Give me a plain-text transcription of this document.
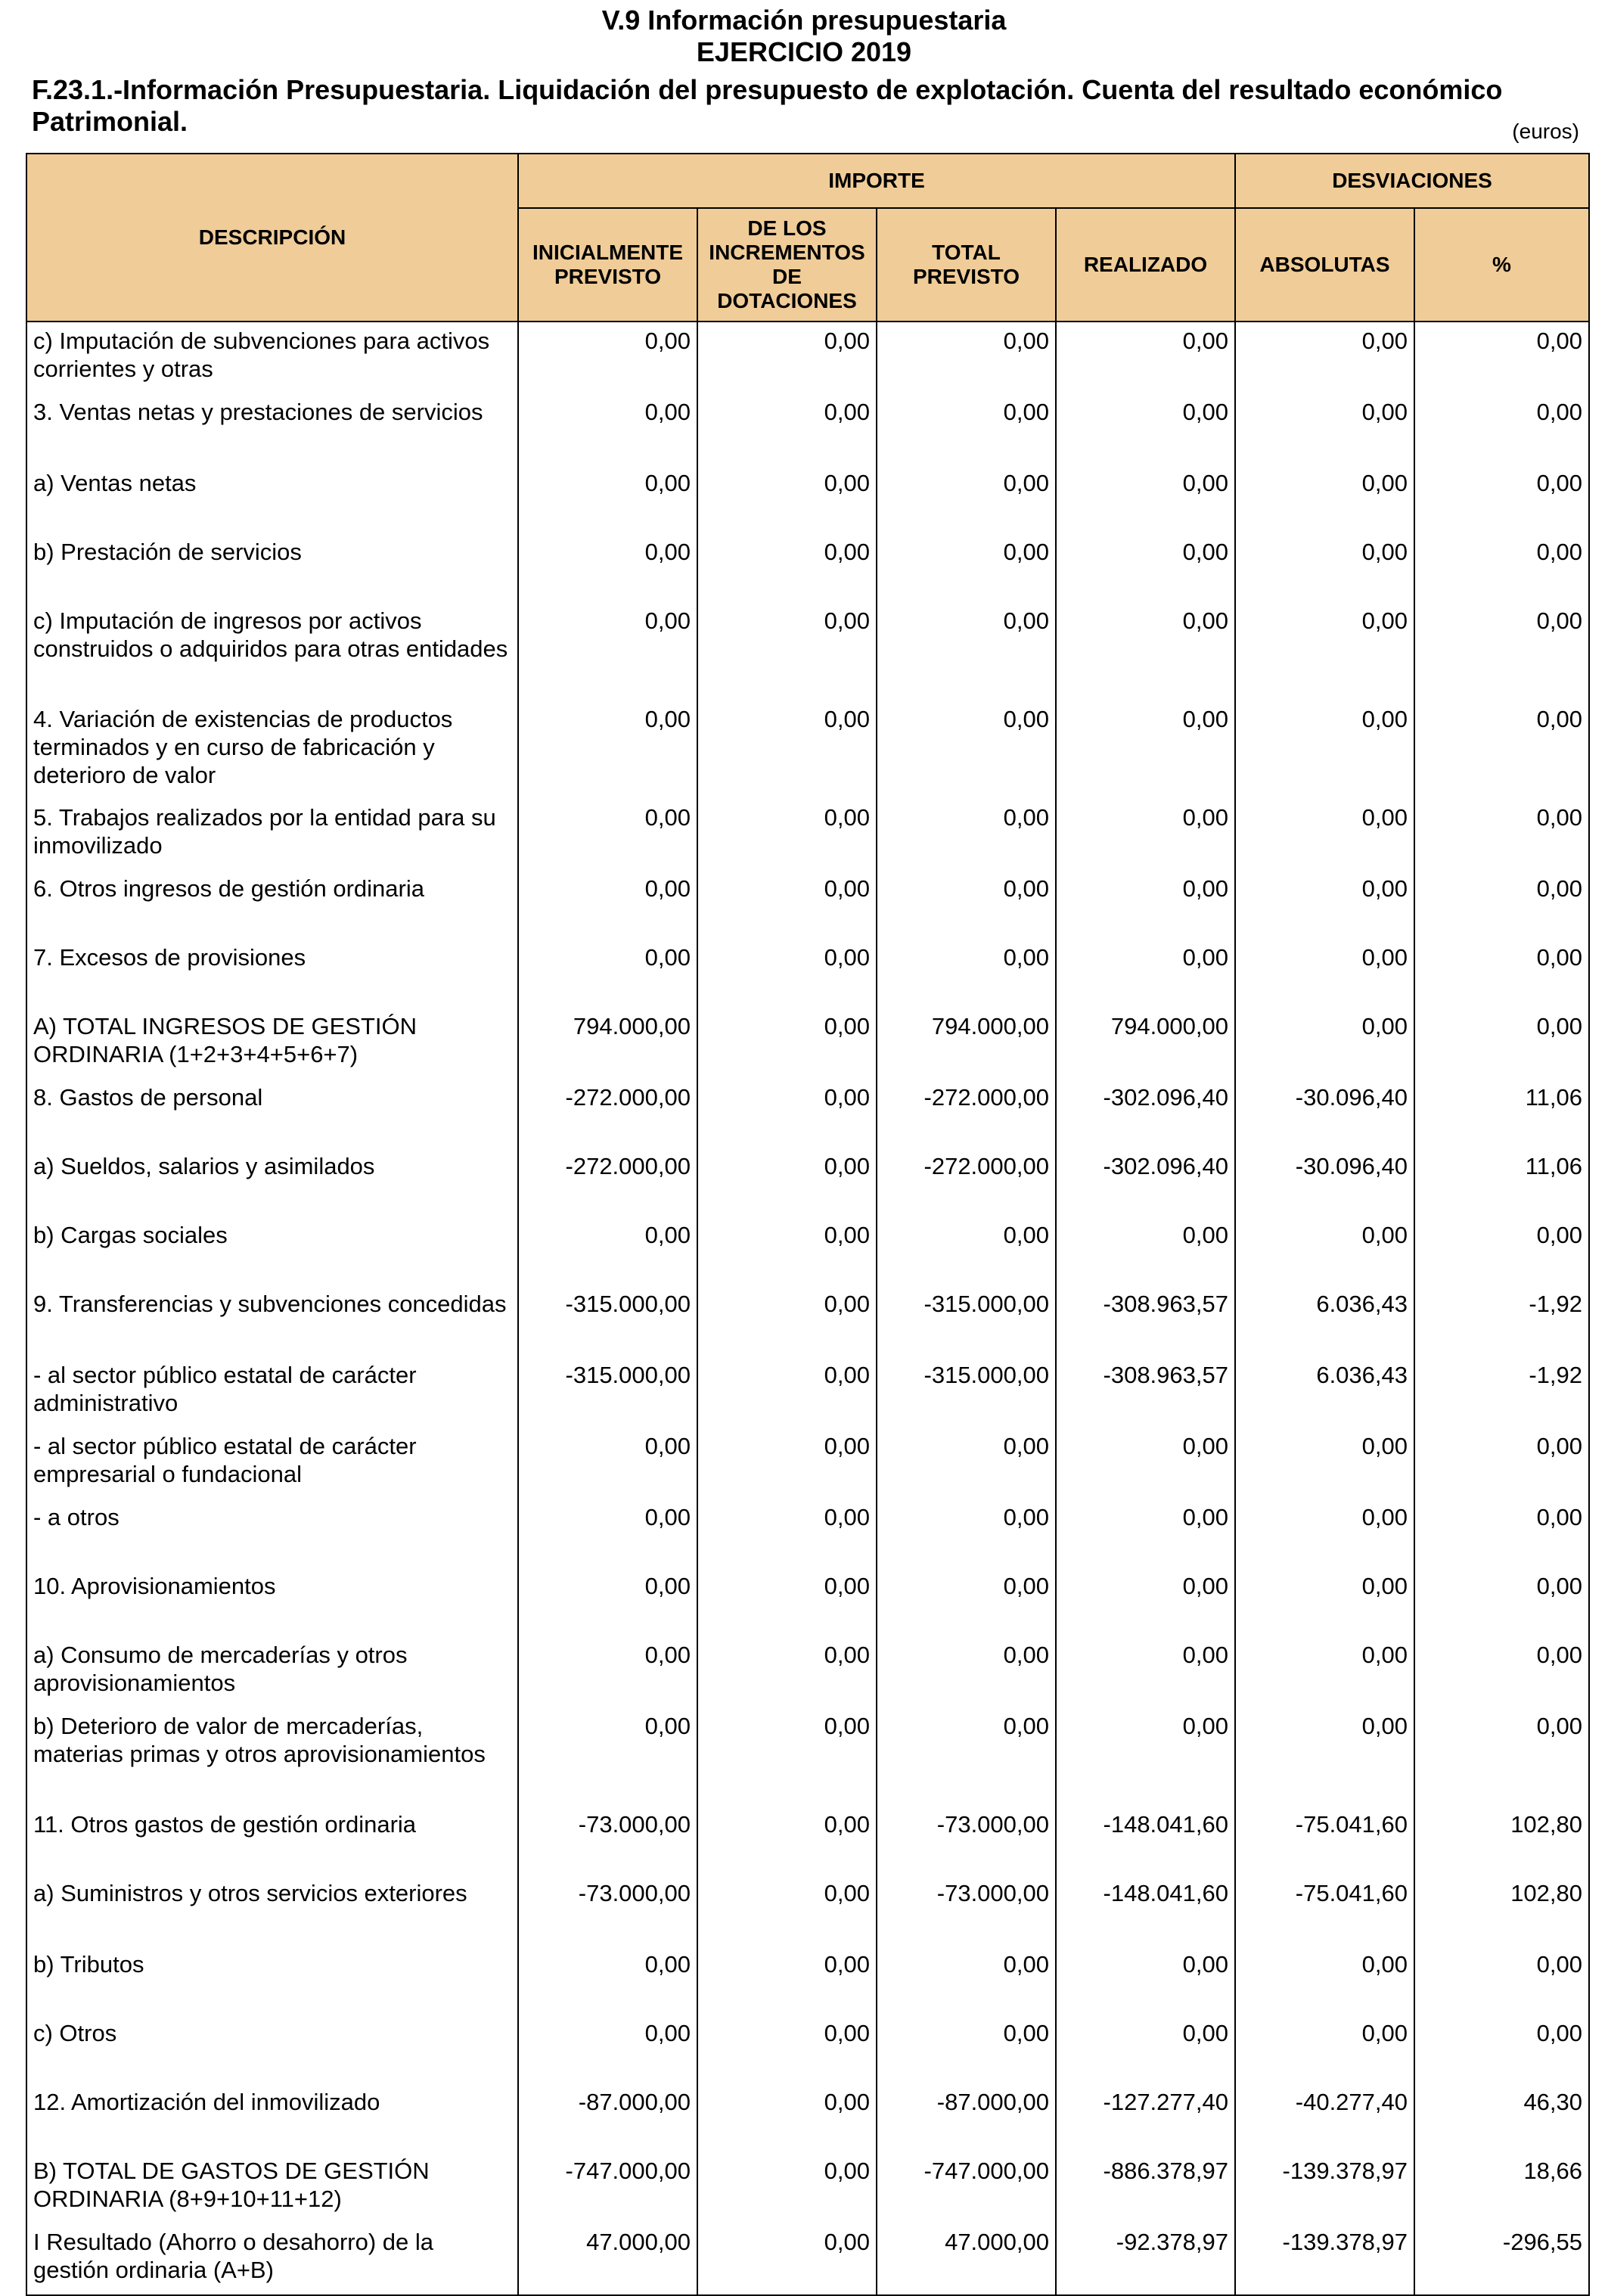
V.9 Información presupuestaria
EJERCICIO 2019
F.23.1.-Información Presupuestaria. Liquidación del presupuesto de explotación. Cuenta del resultado económico Patrimonial.	(euros)
DESCRIPCIÓN	IMPORTE				DESVIACIONES	
	INICIALMENTE PREVISTO	DE LOS INCREMENTOS DE DOTACIONES	TOTAL PREVISTO	REALIZADO	ABSOLUTAS	%
c) Imputación de subvenciones para activos corrientes y otras	0,00	0,00	0,00	0,00	0,00	0,00
3. Ventas netas y prestaciones de servicios	0,00	0,00	0,00	0,00	0,00	0,00
a) Ventas netas	0,00	0,00	0,00	0,00	0,00	0,00
b) Prestación de servicios	0,00	0,00	0,00	0,00	0,00	0,00
c) Imputación de ingresos por activos construidos o adquiridos para otras entidades	0,00	0,00	0,00	0,00	0,00	0,00
4. Variación de existencias de productos terminados y en curso de fabricación y deterioro de valor	0,00	0,00	0,00	0,00	0,00	0,00
5. Trabajos realizados por la entidad para su inmovilizado	0,00	0,00	0,00	0,00	0,00	0,00
6. Otros ingresos de gestión ordinaria	0,00	0,00	0,00	0,00	0,00	0,00
7. Excesos de provisiones	0,00	0,00	0,00	0,00	0,00	0,00
A) TOTAL INGRESOS DE GESTIÓN ORDINARIA (1+2+3+4+5+6+7)	794.000,00	0,00	794.000,00	794.000,00	0,00	0,00
8. Gastos de personal	-272.000,00	0,00	-272.000,00	-302.096,40	-30.096,40	11,06
a) Sueldos, salarios y asimilados	-272.000,00	0,00	-272.000,00	-302.096,40	-30.096,40	11,06
b) Cargas sociales	0,00	0,00	0,00	0,00	0,00	0,00
9. Transferencias y subvenciones concedidas	-315.000,00	0,00	-315.000,00	-308.963,57	6.036,43	-1,92
- al sector público estatal de carácter administrativo	-315.000,00	0,00	-315.000,00	-308.963,57	6.036,43	-1,92
- al sector público estatal de carácter empresarial o fundacional	0,00	0,00	0,00	0,00	0,00	0,00
- a otros	0,00	0,00	0,00	0,00	0,00	0,00
10. Aprovisionamientos	0,00	0,00	0,00	0,00	0,00	0,00
a) Consumo de mercaderías y otros aprovisionamientos	0,00	0,00	0,00	0,00	0,00	0,00
b) Deterioro de valor de mercaderías, materias primas y otros aprovisionamientos	0,00	0,00	0,00	0,00	0,00	0,00
11. Otros gastos de gestión ordinaria	-73.000,00	0,00	-73.000,00	-148.041,60	-75.041,60	102,80
a) Suministros y otros servicios exteriores	-73.000,00	0,00	-73.000,00	-148.041,60	-75.041,60	102,80
b) Tributos	0,00	0,00	0,00	0,00	0,00	0,00
c) Otros	0,00	0,00	0,00	0,00	0,00	0,00
12. Amortización del inmovilizado	-87.000,00	0,00	-87.000,00	-127.277,40	-40.277,40	46,30
B) TOTAL DE GASTOS DE GESTIÓN ORDINARIA (8+9+10+11+12)	-747.000,00	0,00	-747.000,00	-886.378,97	-139.378,97	18,66
I Resultado (Ahorro o desahorro) de la gestión ordinaria (A+B)	47.000,00	0,00	47.000,00	-92.378,97	-139.378,97	-296,55
